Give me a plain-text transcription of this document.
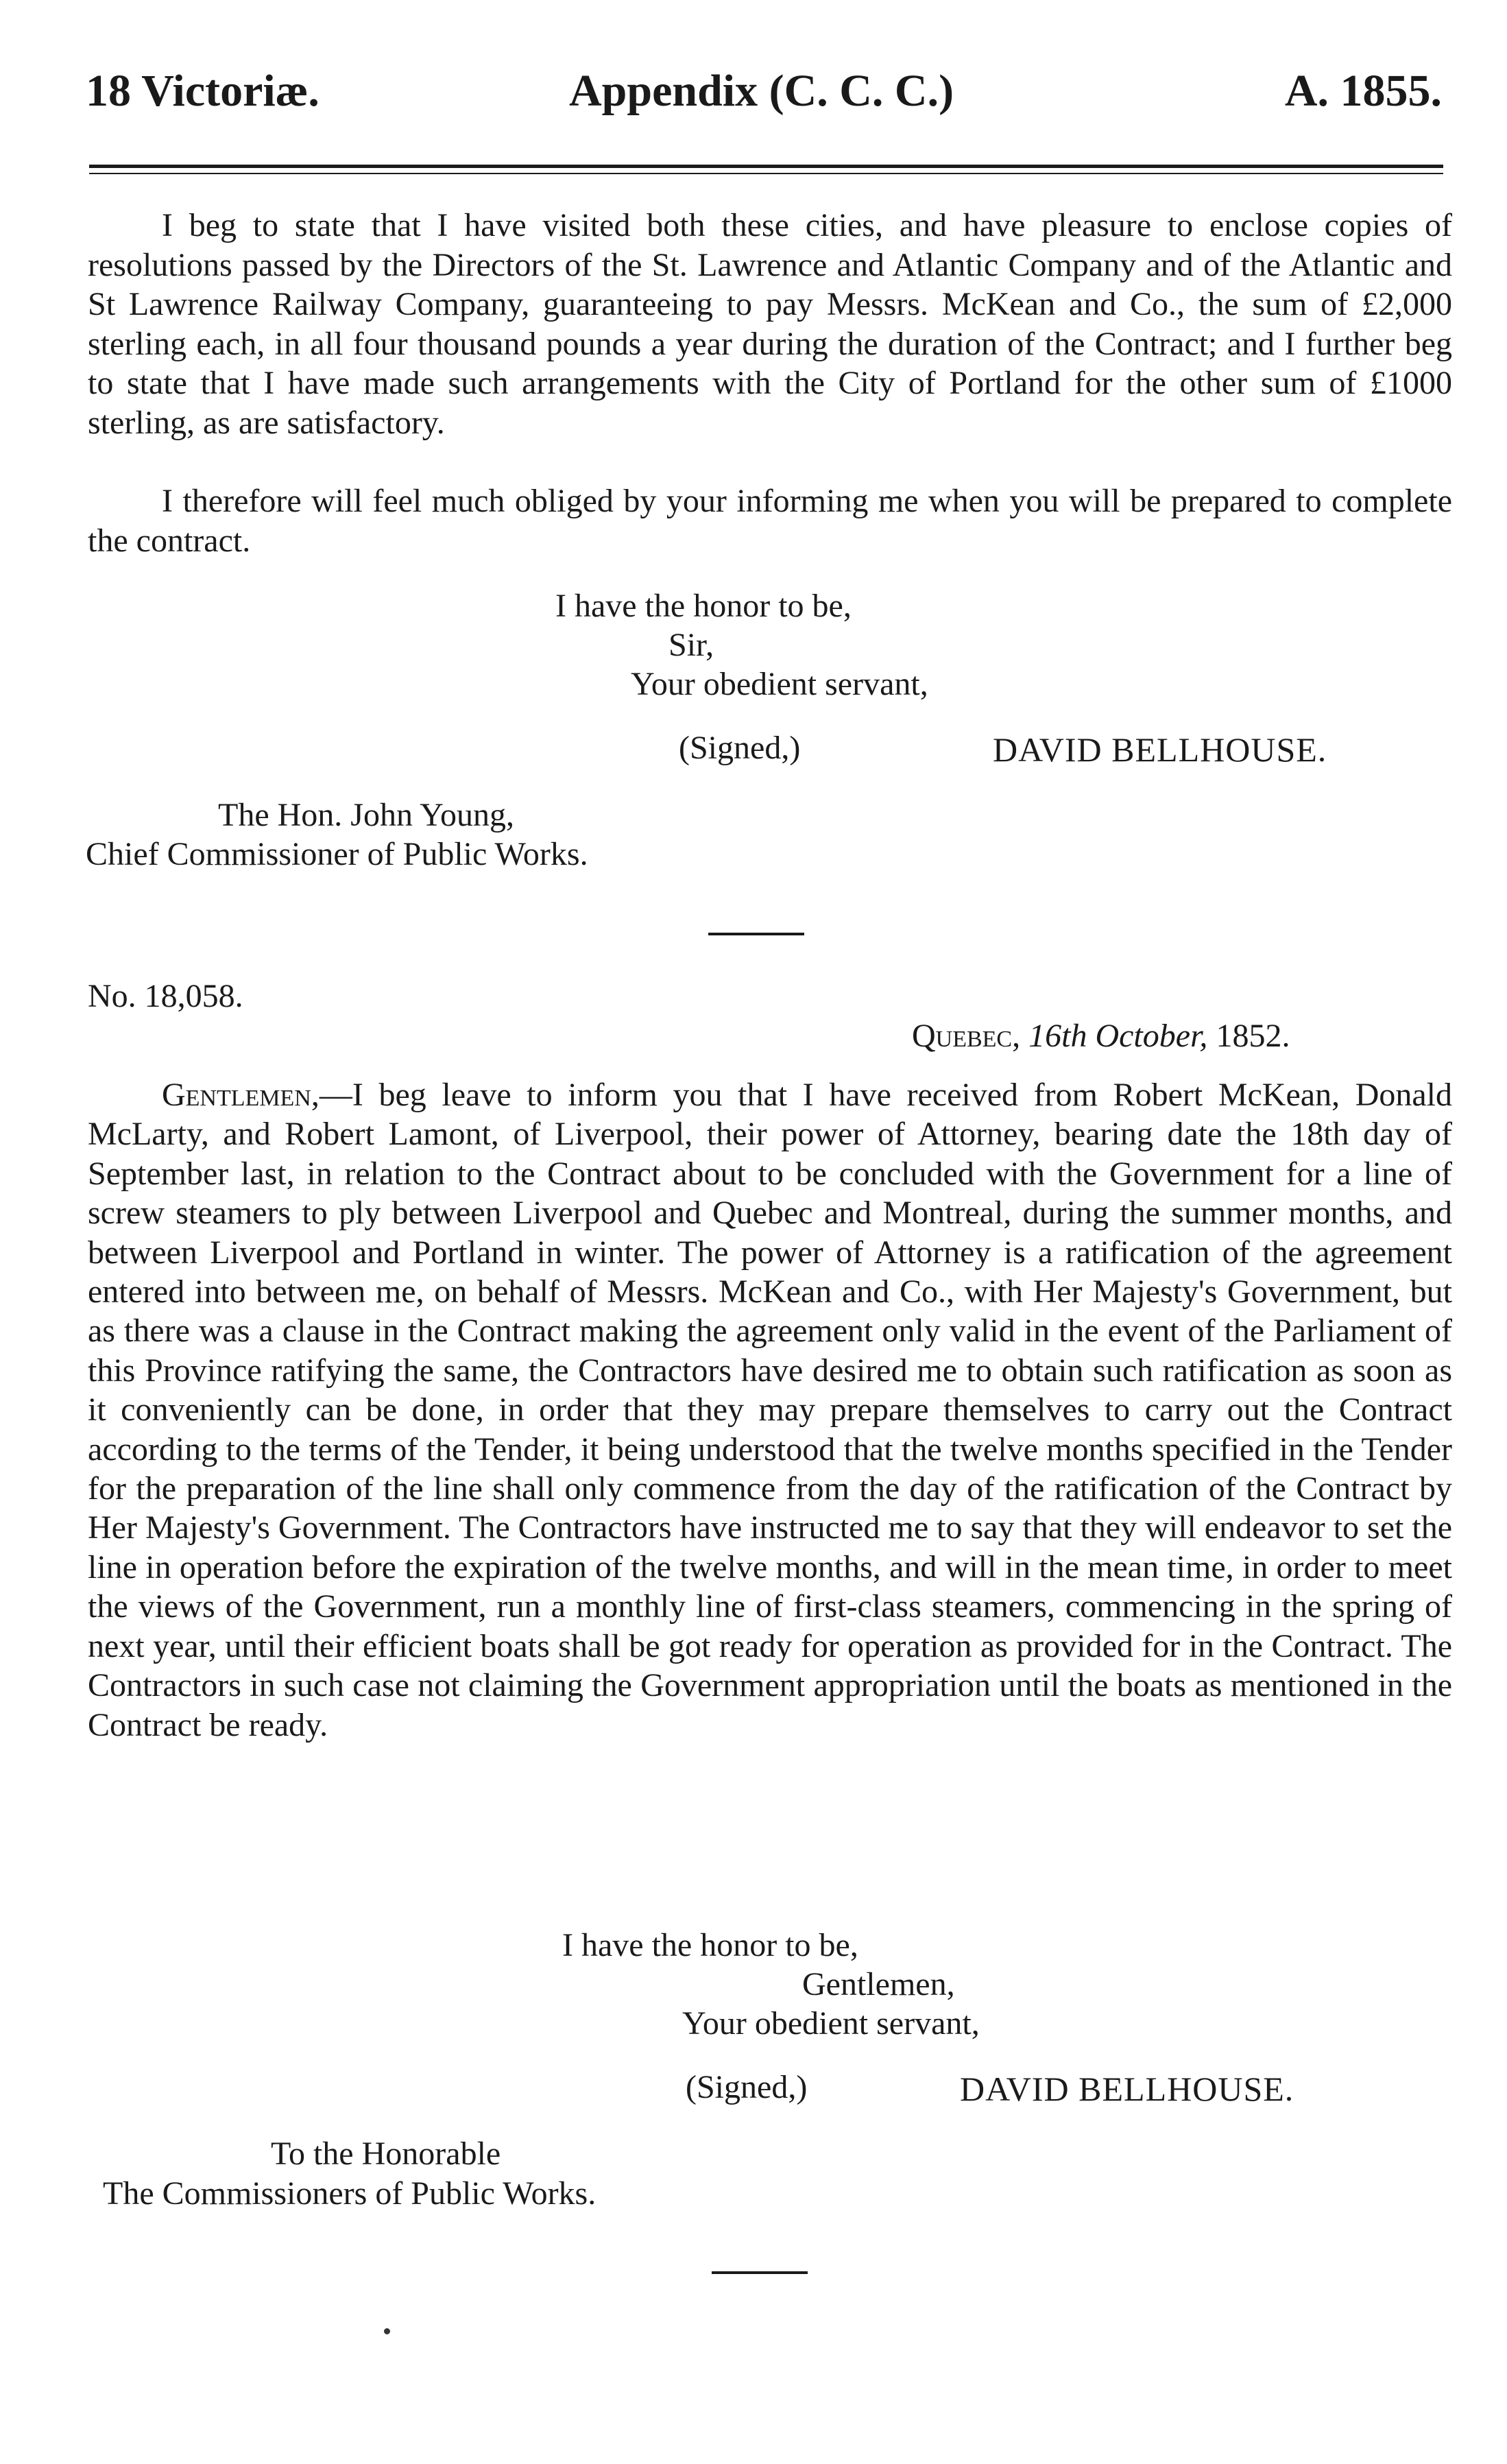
18 Victoriæ.	Appendix (C. C. C.)	A. 1855.

I beg to state that I have visited both these cities, and have pleasure to enclose copies of resolutions passed by the Directors of the St. Lawrence and Atlantic Company and of the Atlantic and St Lawrence Railway Company, guaranteeing to pay Messrs. McKean and Co., the sum of £2,000 sterling each, in all four thousand pounds a year during the duration of the Contract; and I further beg to state that I have made such arrangements with the City of Portland for the other sum of £1000 sterling, as are satisfactory.

I therefore will feel much obliged by your informing me when you will be prepared to complete the contract.

I have the honor to be,
Sir,
Your obedient servant,
(Signed,)	DAVID BELLHOUSE.
The Hon. John Young,
Chief Commissioner of Public Works.
No. 18,058.
Quebec, 16th October, 1852.

Gentlemen,—I beg leave to inform you that I have received from Robert McKean, Donald McLarty, and Robert Lamont, of Liverpool, their power of Attorney, bearing date the 18th day of September last, in relation to the Contract about to be concluded with the Government for a line of screw steamers to ply between Liverpool and Quebec and Montreal, during the summer months, and between Liverpool and Portland in winter. The power of Attorney is a ratification of the agreement entered into between me, on behalf of Messrs. McKean and Co., with Her Majesty's Government, but as there was a clause in the Contract making the agreement only valid in the event of the Parliament of this Province ratifying the same, the Contractors have desired me to obtain such ratification as soon as it conveniently can be done, in order that they may prepare themselves to carry out the Contract according to the terms of the Tender, it being understood that the twelve months specified in the Tender for the preparation of the line shall only commence from the day of the ratification of the Contract by Her Majesty's Government. The Contractors have instructed me to say that they will endeavor to set the line in operation before the expiration of the twelve months, and will in the mean time, in order to meet the views of the Government, run a monthly line of first-class steamers, commencing in the spring of next year, until their efficient boats shall be got ready for operation as provided for in the Contract. The Contractors in such case not claiming the Government appropriation until the boats as mentioned in the Contract be ready.

I have the honor to be,
Gentlemen,
Your obedient servant,
(Signed,)	DAVID BELLHOUSE.
To the Honorable
The Commissioners of Public Works.
